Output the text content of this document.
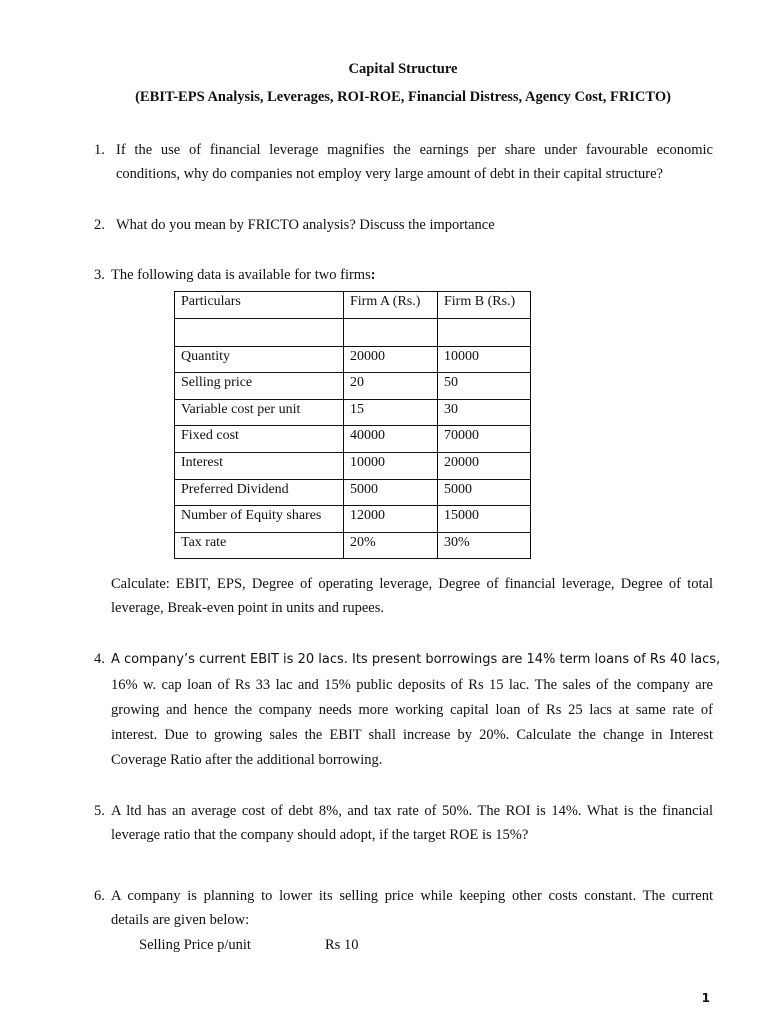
Capital Structure
(EBIT-EPS Analysis, Leverages, ROI-ROE, Financial Distress, Agency Cost, FRICTO)
1. If the use of financial leverage magnifies the earnings per share under favourable economic
conditions, why do companies not employ very large amount of debt in their capital structure?
2. What do you mean by FRICTO analysis? Discuss the importance
3. The following data is available for two firms:
Particulars	Firm A (Rs.)	Firm B (Rs.)

Quantity	20000	10000
Selling price	20	50
Variable cost per unit	15	30
Fixed cost	40000	70000
Interest	10000	20000
Preferred Dividend	5000	5000
Number of Equity shares	12000	15000
Tax rate	20%	30%
Calculate: EBIT, EPS, Degree of operating leverage, Degree of financial leverage, Degree of total
leverage, Break-even point in units and rupees.
4. A company’s current EBIT is 20 lacs. Its present borrowings are 14% term loans of Rs 40 lacs,
16% w. cap loan of Rs 33 lac and 15% public deposits of Rs 15 lac. The sales of the company are
growing and hence the company needs more working capital loan of Rs 25 lacs at same rate of
interest. Due to growing sales the EBIT shall increase by 20%. Calculate the change in Interest
Coverage Ratio after the additional borrowing.
5. A ltd has an average cost of debt 8%, and tax rate of 50%. The ROI is 14%. What is the financial
leverage ratio that the company should adopt, if the target ROE is 15%?
6. A company is planning to lower its selling price while keeping other costs constant. The current
details are given below:
Selling Price p/unit	Rs 10
1
